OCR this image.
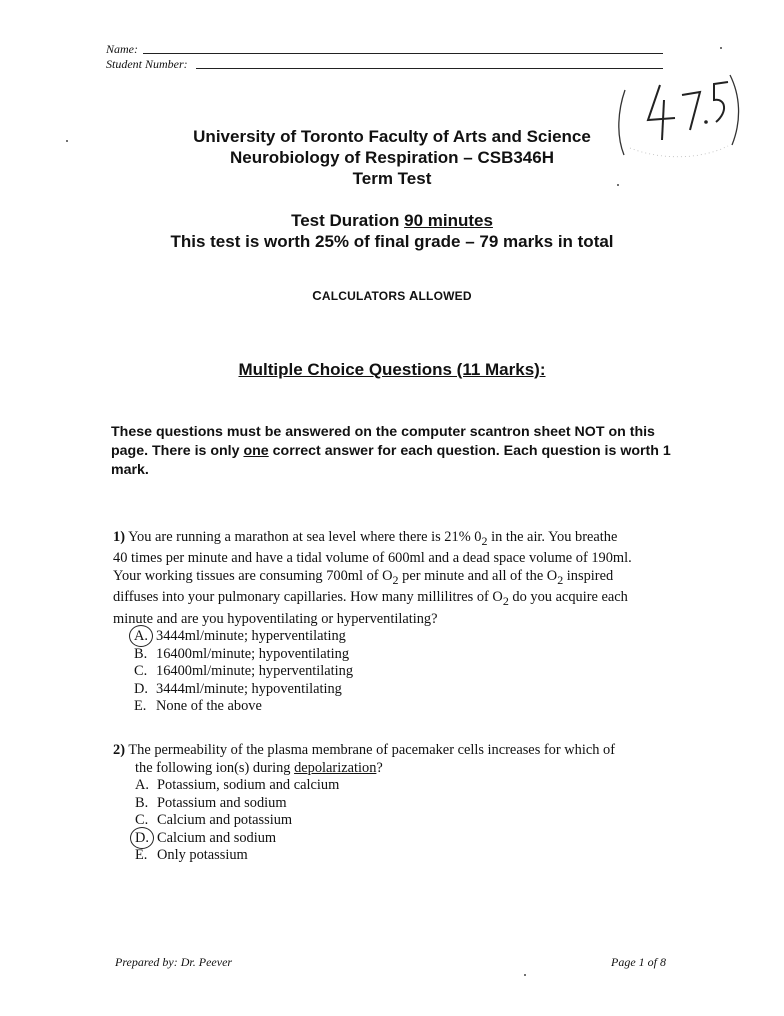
Name:
Student Number:
University of Toronto Faculty of Arts and Science
Neurobiology of Respiration – CSB346H
Term Test
Test Duration 90 minutes
This test is worth 25% of final grade – 79 marks in total
CALCULATORS ALLOWED
Multiple Choice Questions (11 Marks):
These questions must be answered on the computer scantron sheet NOT on this page. There is only one correct answer for each question. Each question is worth 1 mark.
1) You are running a marathon at sea level where there is 21% $0_2$ in the air. You breathe
40 times per minute and have a tidal volume of 600ml and a dead space volume of 190ml.
Your working tissues are consuming 700ml of $O_2$ per minute and all of the $O_2$ inspired
diffuses into your pulmonary capillaries. How many millilitres of $O_2$ do you acquire each
minute and are you hypoventilating or hyperventilating?
A. 3444ml/minute; hyperventilating
B. 16400ml/minute; hypoventilating
C. 16400ml/minute; hyperventilating
D. 3444ml/minute; hypoventilating
E. None of the above
2) The permeability of the plasma membrane of pacemaker cells increases for which of
the following ion(s) during depolarization?
A. Potassium, sodium and calcium
B. Potassium and sodium
C. Calcium and potassium
D. Calcium and sodium
E. Only potassium
Prepared by: Dr. Peever	Page 1 of 8
